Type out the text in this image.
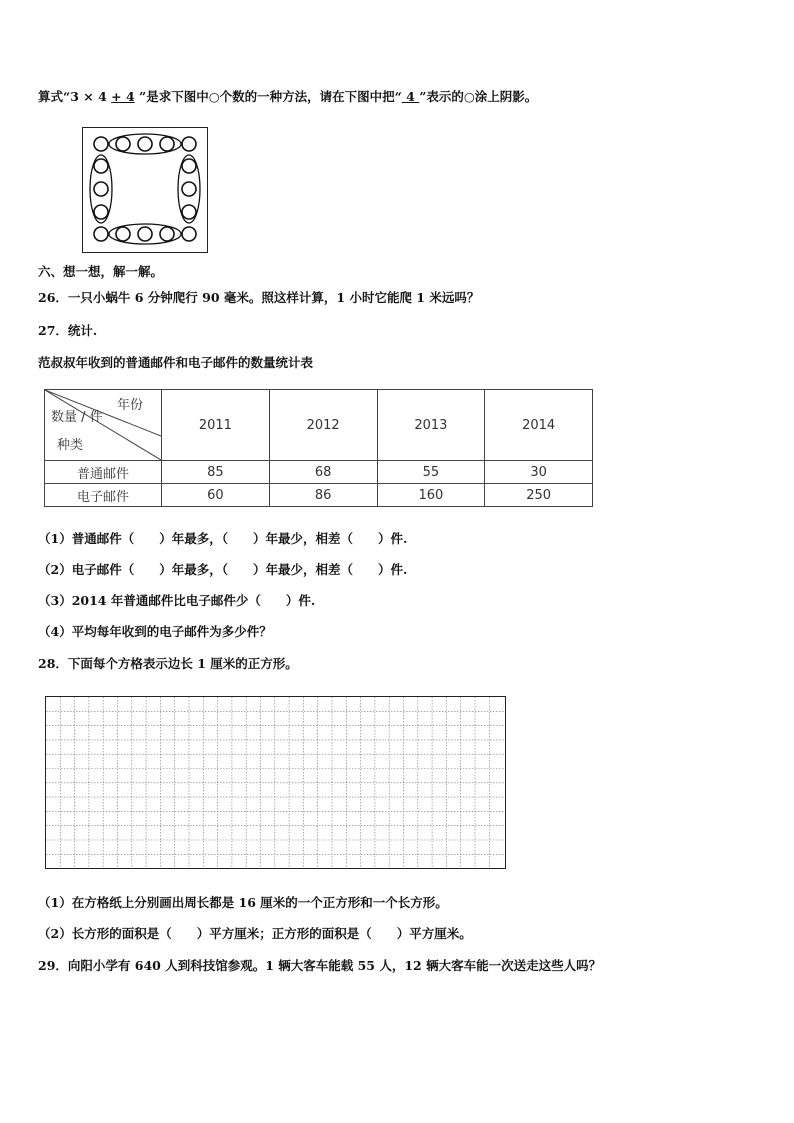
算式“3 × 4 + 4 ”是求下图中○个数的一种方法，请在下图中把“ 4 ”表示的○涂上阴影。
六、想一想，解一解。
26．一只小蜗牛 6 分钟爬行 90 毫米。照这样计算，1 小时它能爬 1 米远吗？
27．统计.
范叔叔年收到的普通邮件和电子邮件的数量统计表
年份
数量 / 件
种类	2011	2012	2013	2014
普通邮件	85	68	55	30
电子邮件	60	86	160	250
（1）普通邮件（　　）年最多，（　　）年最少，相差（　　）件.
（2）电子邮件（　　）年最多，（　　）年最少，相差（　　）件.
（3）2014 年普通邮件比电子邮件少（　　）件.
（4）平均每年收到的电子邮件为多少件？
28．下面每个方格表示边长 1 厘米的正方形。
（1）在方格纸上分别画出周长都是 16 厘米的一个正方形和一个长方形。
（2）长方形的面积是（　　）平方厘米；正方形的面积是（　　）平方厘米。
29．向阳小学有 640 人到科技馆参观。1 辆大客车能载 55 人，12 辆大客车能一次送走这些人吗？
